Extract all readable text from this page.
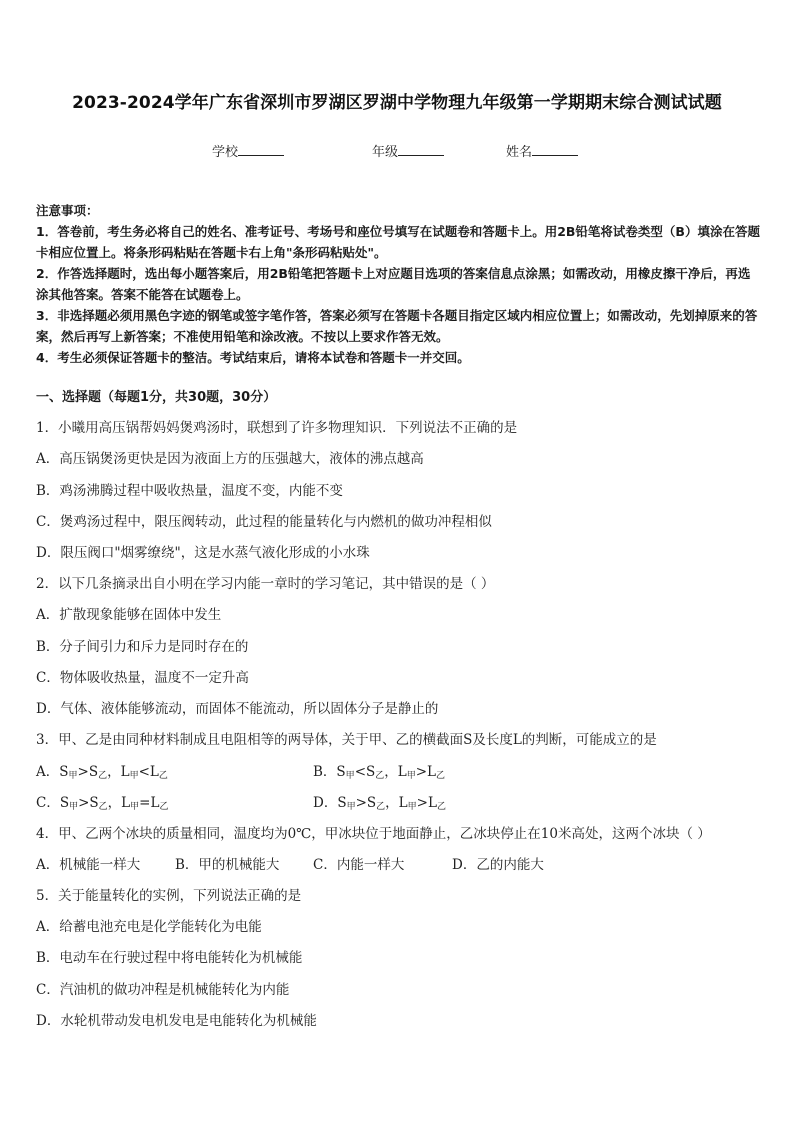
2023-2024学年广东省深圳市罗湖区罗湖中学物理九年级第一学期期末综合测试试题
学校	年级	姓名
注意事项：
1．答卷前，考生务必将自己的姓名、准考证号、考场号和座位号填写在试题卷和答题卡上。用2B铅笔将试卷类型（B）填涂在答题卡相应位置上。将条形码粘贴在答题卡右上角"条形码粘贴处"。
2．作答选择题时，选出每小题答案后，用2B铅笔把答题卡上对应题目选项的答案信息点涂黑；如需改动，用橡皮擦干净后，再选涂其他答案。答案不能答在试题卷上。
3．非选择题必须用黑色字迹的钢笔或签字笔作答，答案必须写在答题卡各题目指定区域内相应位置上；如需改动，先划掉原来的答案，然后再写上新答案；不准使用铅笔和涂改液。不按以上要求作答无效。
4．考生必须保证答题卡的整洁。考试结束后，请将本试卷和答题卡一并交回。
一、选择题（每题1分，共30题，30分）
1．小曦用高压锅帮妈妈煲鸡汤时，联想到了许多物理知识．下列说法不正确的是
A．高压锅煲汤更快是因为液面上方的压强越大，液体的沸点越高
B．鸡汤沸腾过程中吸收热量，温度不变，内能不变
C．煲鸡汤过程中，限压阀转动，此过程的能量转化与内燃机的做功冲程相似
D．限压阀口"烟雾缭绕"，这是水蒸气液化形成的小水珠
2．以下几条摘录出自小明在学习内能一章时的学习笔记，其中错误的是（ ）
A．扩散现象能够在固体中发生
B．分子间引力和斥力是同时存在的
C．物体吸收热量，温度不一定升高
D．气体、液体能够流动，而固体不能流动，所以固体分子是静止的
3．甲、乙是由同种材料制成且电阻相等的两导体，关于甲、乙的横截面S及长度L的判断，可能成立的是
A．$S_甲>S_乙$，$L_甲<L_乙$	B．$S_甲<S_乙$，$L_甲>L_乙$
C．$S_甲>S_乙$，$L_甲=L_乙$	D．$S_甲>S_乙$，$L_甲>L_乙$
4．甲、乙两个冰块的质量相同，温度均为0℃，甲冰块位于地面静止，乙冰块停止在10米高处，这两个冰块（ ）
A．机械能一样大	B．甲的机械能大 C．内能一样大	D．乙的内能大
5．关于能量转化的实例，下列说法正确的是
A．给蓄电池充电是化学能转化为电能
B．电动车在行驶过程中将电能转化为机械能
C．汽油机的做功冲程是机械能转化为内能
D．水轮机带动发电机发电是电能转化为机械能
